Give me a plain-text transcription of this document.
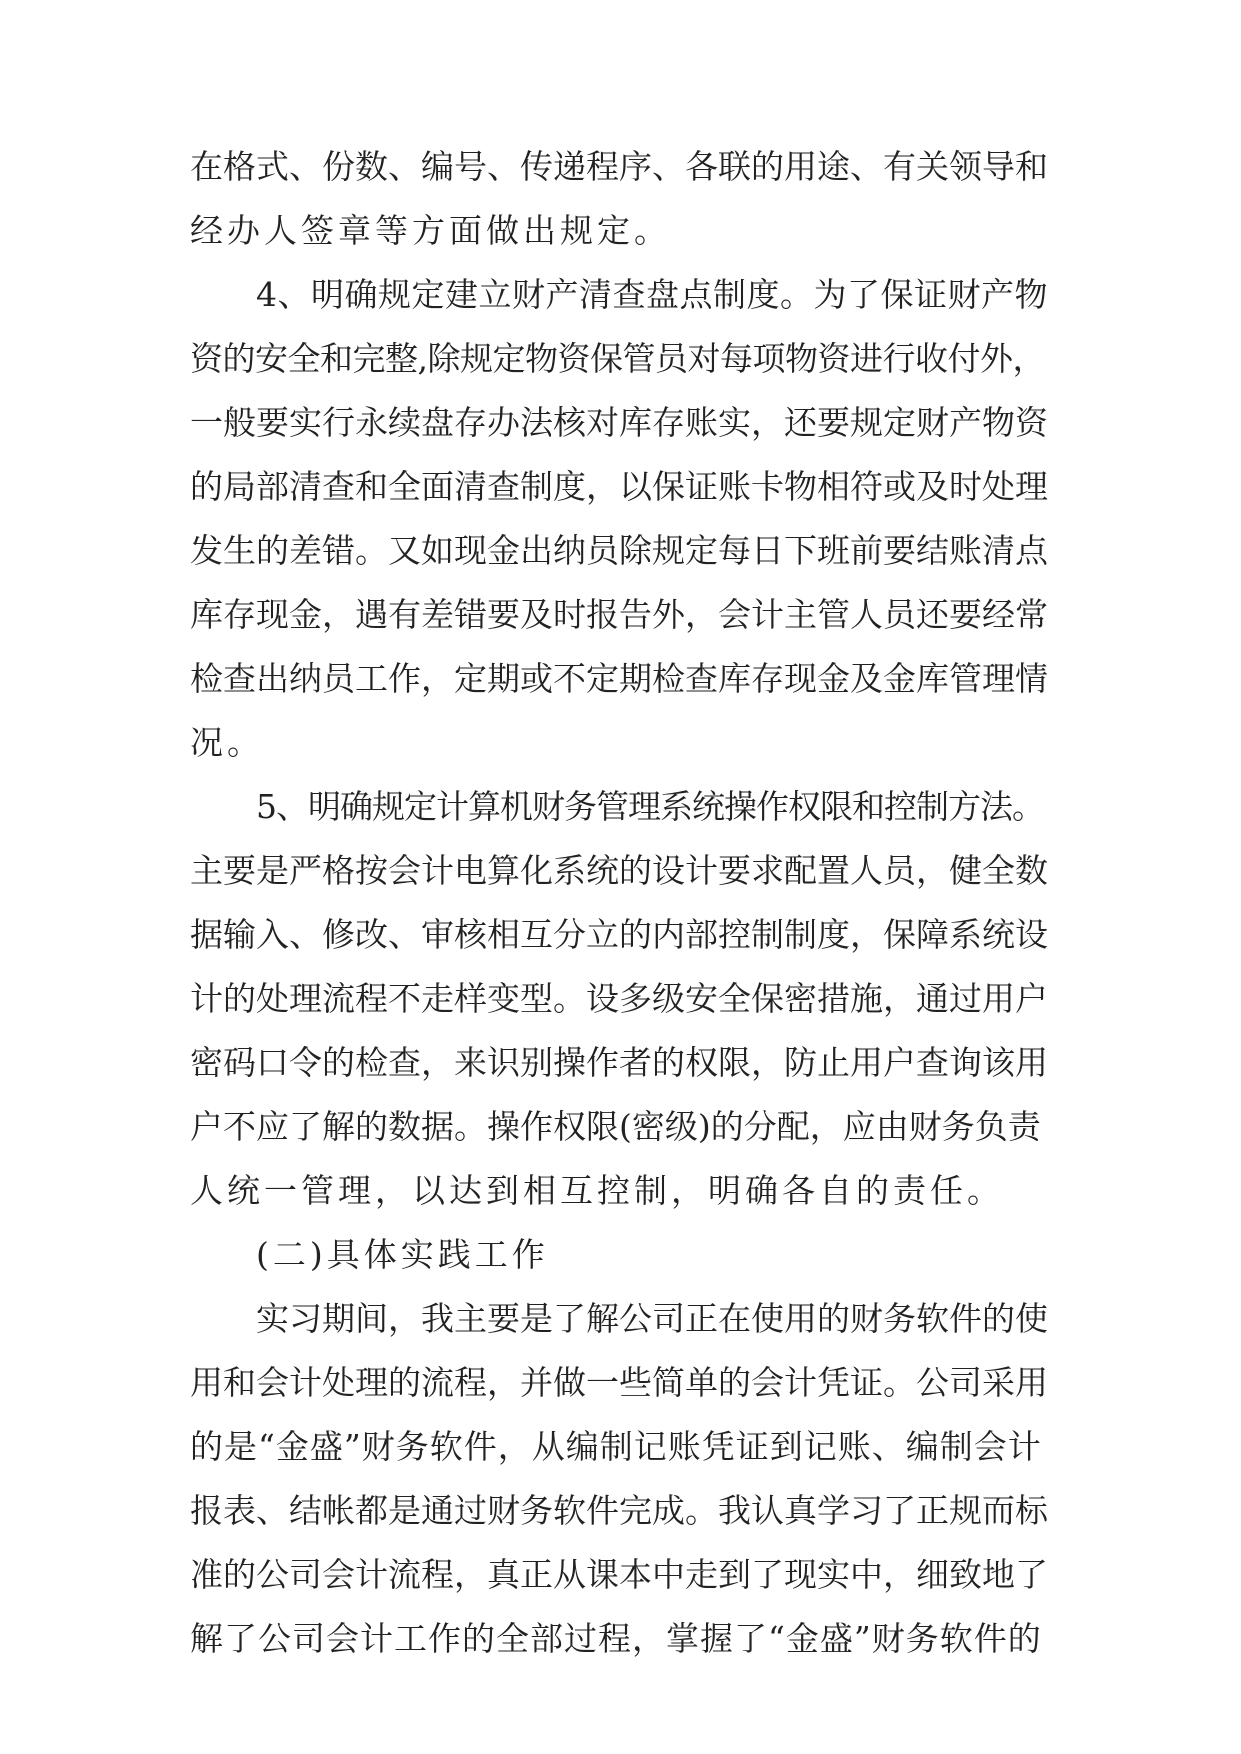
在格式、份数、编号、传递程序、各联的用途、有关领导和
经办人签章等方面做出规定。
4、明确规定建立财产清查盘点制度。为了保证财产物
资的安全和完整,除规定物资保管员对每项物资进行收付外，
一般要实行永续盘存办法核对库存账实，还要规定财产物资
的局部清查和全面清查制度，以保证账卡物相符或及时处理
发生的差错。又如现金出纳员除规定每日下班前要结账清点
库存现金，遇有差错要及时报告外，会计主管人员还要经常
检查出纳员工作，定期或不定期检查库存现金及金库管理情
况。
5、明确规定计算机财务管理系统操作权限和控制方法。
主要是严格按会计电算化系统的设计要求配置人员，健全数
据输入、修改、审核相互分立的内部控制制度，保障系统设
计的处理流程不走样变型。设多级安全保密措施，通过用户
密码口令的检查，来识别操作者的权限，防止用户查询该用
户不应了解的数据。操作权限(密级)的分配，应由财务负责
人统一管理，以达到相互控制，明确各自的责任。
(二)具体实践工作
实习期间，我主要是了解公司正在使用的财务软件的使
用和会计处理的流程，并做一些简单的会计凭证。公司采用
的是“金盛”财务软件，从编制记账凭证到记账、编制会计
报表、结帐都是通过财务软件完成。我认真学习了正规而标
准的公司会计流程，真正从课本中走到了现实中，细致地了
解了公司会计工作的全部过程，掌握了“金盛”财务软件的
